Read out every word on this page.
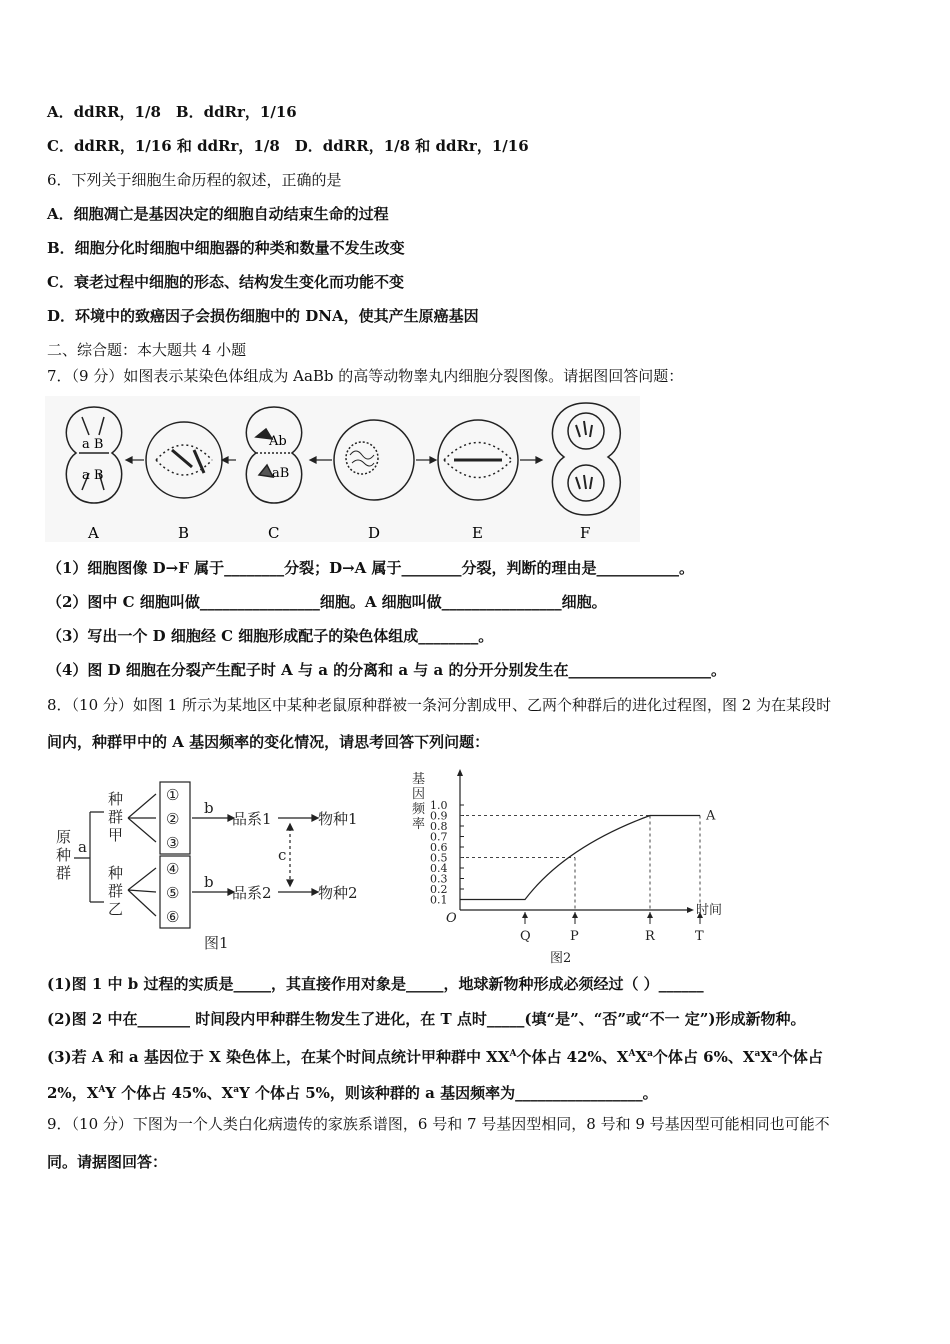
A．ddRR，1/8　B．ddRr，1/16
C．ddRR，1/16 和 ddRr，1/8　D．ddRR，1/8 和 ddRr，1/16
6．下列关于细胞生命历程的叙述，正确的是
A．细胞凋亡是基因决定的细胞自动结束生命的过程
B．细胞分化时细胞中细胞器的种类和数量不发生改变
C．衰老过程中细胞的形态、结构发生变化而功能不变
D．环境中的致癌因子会损伤细胞中的 DNA，使其产生原癌基因
二、综合题：本大题共 4 小题
7．（9 分）如图表示某染色体组成为 AaBb 的高等动物睾丸内细胞分裂图像。请据图回答问题：
a B
a B
Ab
aB
A	B	C	D	E	F
（1）细胞图像 D→F 属于________分裂；D→A 属于________分裂，判断的理由是___________。
（2）图中 C 细胞叫做________________细胞。A 细胞叫做________________细胞。
（3）写出一个 D 细胞经 C 细胞形成配子的染色体组成________。
（4）图 D 细胞在分裂产生配子时 A 与 a 的分离和 a 与 a 的分开分别发生在___________________。
8．（10 分）如图 1 所示为某地区中某种老鼠原种群被一条河分割成甲、乙两个种群后的进化过程图，图 2 为在某段时
间内，种群甲中的 A 基因频率的变化情况，请思考回答下列问题：
原
种
群
a
种
群
甲
种
群
乙
①
②
③
④
⑤
⑥
b
b
品系1
品系2
物种1
物种2
c
图1
基
因
频
率
1.0
0.9
0.8
0.7
0.6
0.5
0.4
0.3
0.2
0.1
Q	P	R	T
O
时间
A
图2
(1)图 1 中 b 过程的实质是_____，其直接作用对象是_____，地球新物种形成必须经过（ ）______
(2)图 2 中在_______ 时间段内甲种群生物发生了进化，在 T 点时_____(填“是”、“否”或“不一 定”)形成新物种。
(3)若 A 和 a 基因位于 X 染色体上，在某个时间点统计甲种群中 $XX^A$个体占 42%、$X^AX^a$个体占 6%、$X^aX^a$个体占
2%，$X^AY$ 个体占 45%、$X^aY$ 个体占 5%，则该种群的 a 基因频率为_________________。
9．（10 分）下图为一个人类白化病遗传的家族系谱图，6 号和 7 号基因型相同，8 号和 9 号基因型可能相同也可能不
同。请据图回答：
